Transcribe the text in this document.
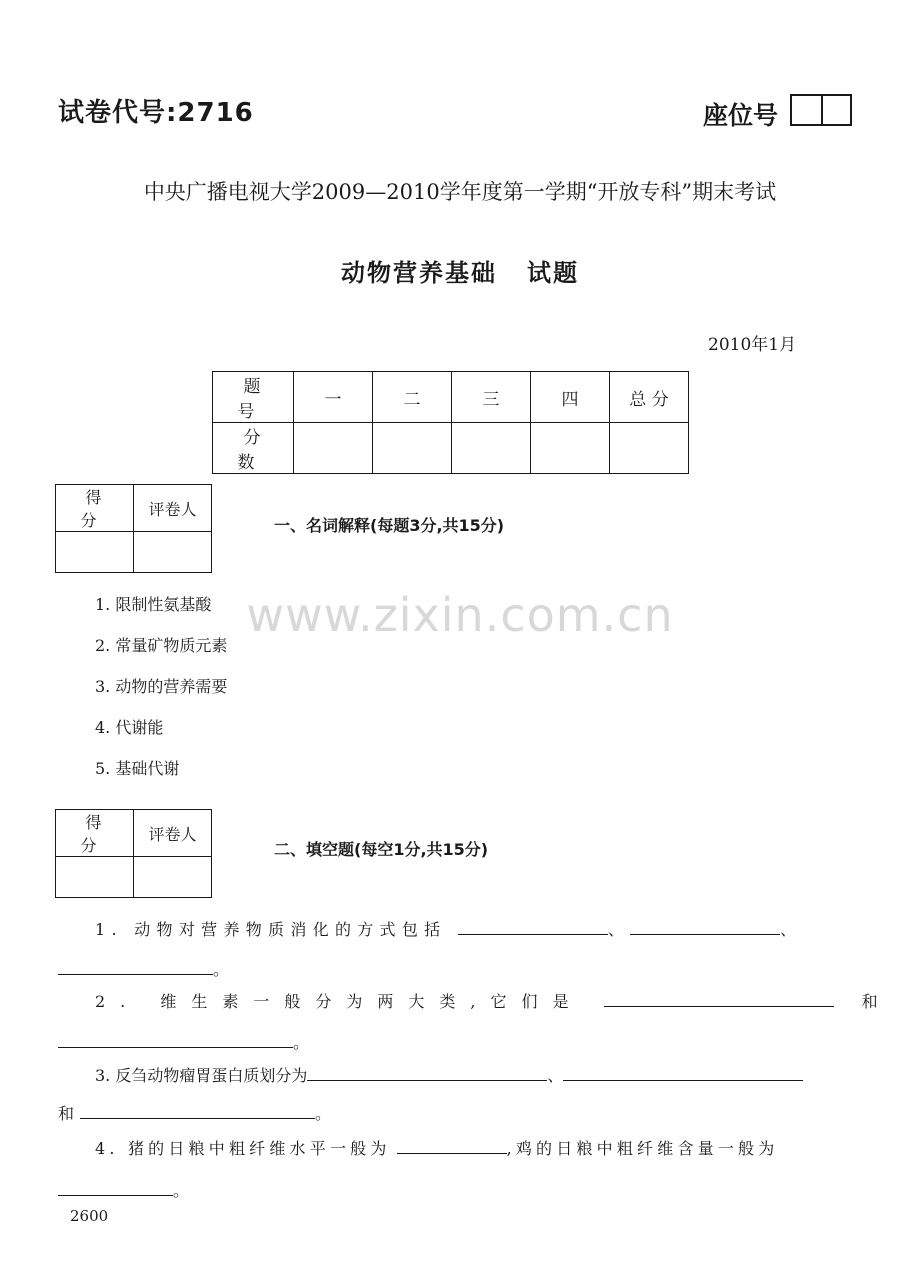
试卷代号:2716	座位号
中央广播电视大学2009—2010学年度第一学期“开放专科”期末考试
动物营养基础 试题
2010年1月
题 号	一	二	三	四	总 分
分 数					
得 分	评卷人

一、名词解释(每题3分,共15分)
www.zixin.com.cn
1. 限制性氨基酸
2. 常量矿物质元素
3. 动物的营养需要
4. 代谢能
5. 基础代谢
得 分	评卷人

二、填空题(每空1分,共15分)
1. 动物对营养物质消化的方式包括	、	、
。
2. 维生素一般分为两大类,它们是	和
。
3. 反刍动物瘤胃蛋白质划分为	、
和	。
4. 猪的日粮中粗纤维水平一般为	,鸡的日粮中粗纤维含量一般为
。
2600
